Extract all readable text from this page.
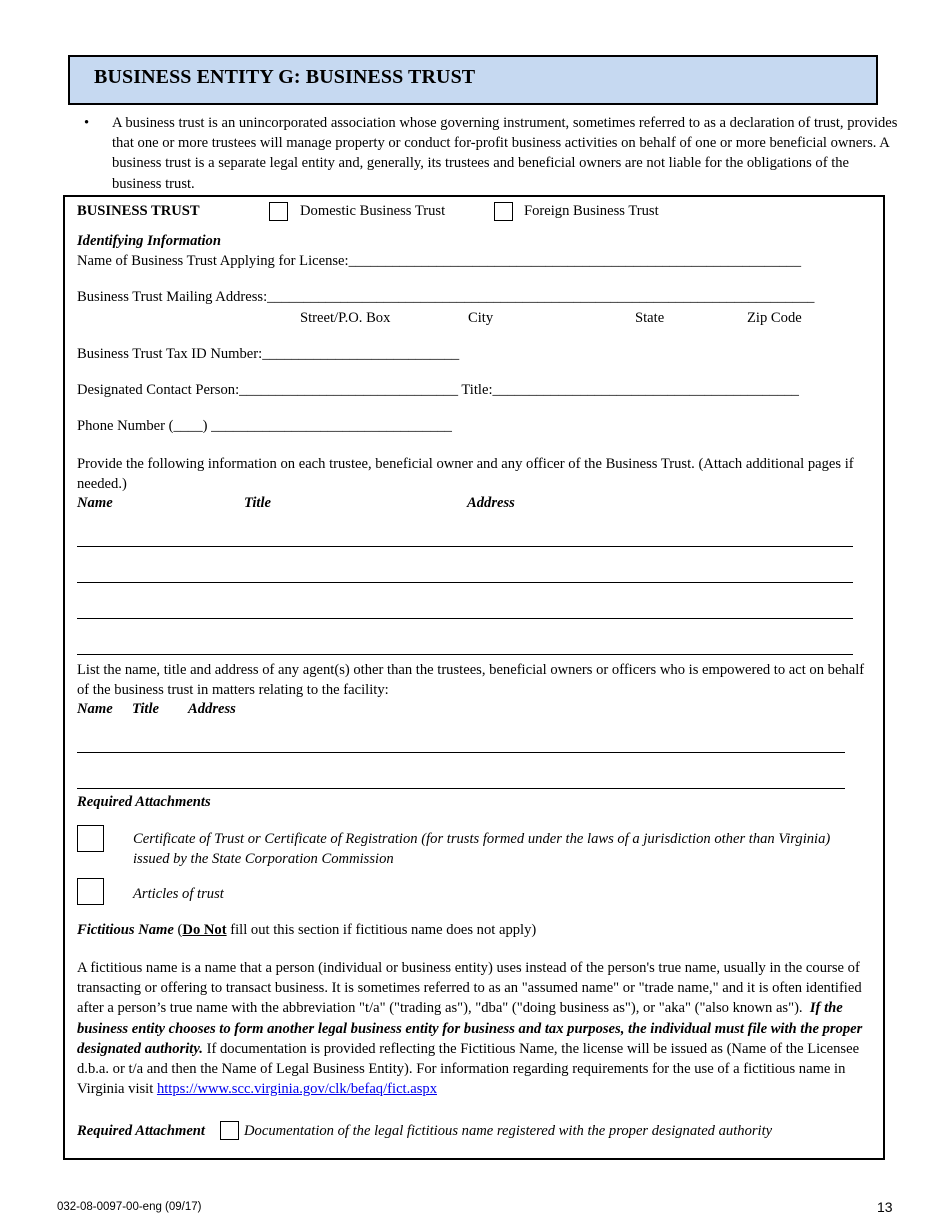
BUSINESS ENTITY G: BUSINESS TRUST
• A business trust is an unincorporated association whose governing instrument, sometimes referred to as a declaration of trust, provides that one or more trustees will manage property or conduct for-profit business activities on behalf of one or more beneficial owners. A business trust is a separate legal entity and, generally, its trustees and beneficial owners are not liable for the obligations of the business trust.
BUSINESS TRUST	Domestic Business Trust	Foreign Business Trust
Identifying Information
Name of Business Trust Applying for License:______________________________________________________________
Business Trust Mailing Address:___________________________________________________________________________
Street/P.O. Box	City	State	Zip Code
Business Trust Tax ID Number:___________________________
Designated Contact Person:______________________________ Title:__________________________________________
Phone Number (____) _________________________________
Provide the following information on each trustee, beneficial owner and any officer of the Business Trust. (Attach additional pages if needed.)
Name	Title	Address
List the name, title and address of any agent(s) other than the trustees, beneficial owners or officers who is empowered to act on behalf of the business trust in matters relating to the facility:
Name Title Address
Required Attachments
Certificate of Trust or Certificate of Registration (for trusts formed under the laws of a jurisdiction other than Virginia) issued by the State Corporation Commission
Articles of trust
Fictitious Name (Do Not fill out this section if fictitious name does not apply)
A fictitious name is a name that a person (individual or business entity) uses instead of the person's true name, usually in the course of transacting or offering to transact business. It is sometimes referred to as an "assumed name" or "trade name," and it is often identified after a person’s true name with the abbreviation "t/a" ("trading as"), "dba" ("doing business as"), or "aka" ("also known as"). If the business entity chooses to form another legal business entity for business and tax purposes, the individual must file with the proper designated authority. If documentation is provided reflecting the Fictitious Name, the license will be issued as (Name of the Licensee d.b.a. or t/a and then the Name of Legal Business Entity). For information regarding requirements for the use of a fictitious name in Virginia visit https://www.scc.virginia.gov/clk/befaq/fict.aspx
Required Attachment	Documentation of the legal fictitious name registered with the proper designated authority
032-08-0097-00-eng (09/17)	13
